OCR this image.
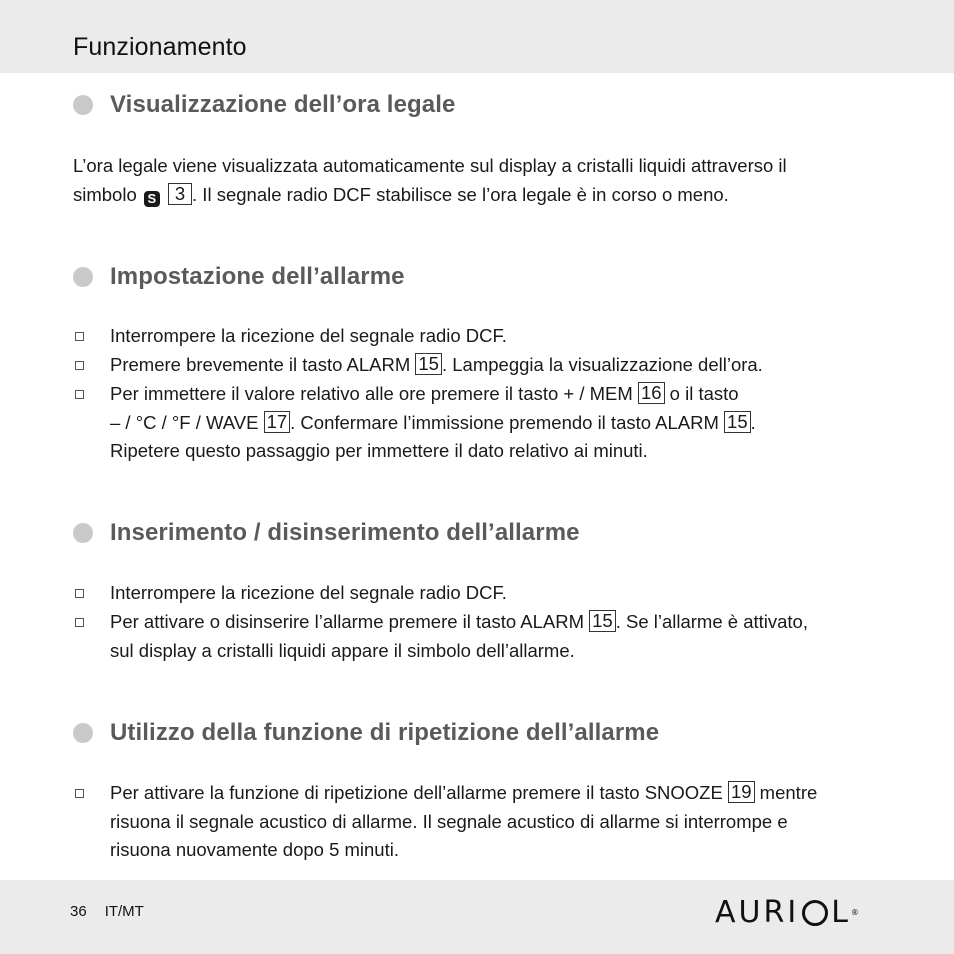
Funzionamento
Visualizzazione dell’ora legale
L’ora legale viene visualizzata automaticamente sul display a cristalli liquidi attraverso il
simbolo S 3 . Il segnale radio DCF stabilisce se l’ora legale è in corso o meno.
Impostazione dell’allarme
Interrompere la ricezione del segnale radio DCF.
Premere brevemente il tasto ALARM 15 . Lampeggia la visualizzazione dell’ora.
Per immettere il valore relativo alle ore premere il tasto + / MEM 16 o il tasto
– / °C / °F / WAVE 17 . Confermare l’immissione premendo il tasto ALARM 15 .
Ripetere questo passaggio per immettere il dato relativo ai minuti.
Inserimento / disinserimento dell’allarme
Interrompere la ricezione del segnale radio DCF.
Per attivare o disinserire l’allarme premere il tasto ALARM 15 . Se l’allarme è attivato,
sul display a cristalli liquidi appare il simbolo dell’allarme.
Utilizzo della funzione di ripetizione dell’allarme
Per attivare la funzione di ripetizione dell’allarme premere il tasto SNOOZE 19 mentre
risuona il segnale acustico di allarme. Il segnale acustico di allarme si interrompe e
risuona nuovamente dopo 5 minuti.
36 IT/MT	AURI L ®
